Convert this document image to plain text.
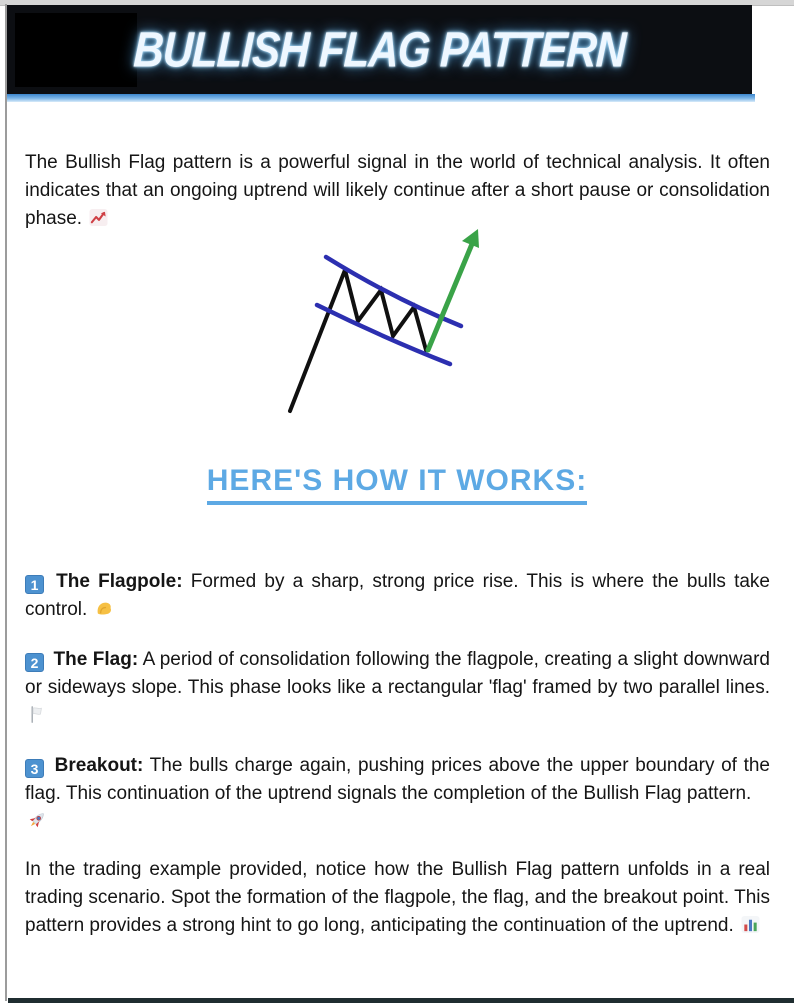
BULLISH FLAG PATTERN

The Bullish Flag pattern is a powerful signal in the world of technical analysis. It often indicates that an ongoing uptrend will likely continue after a short pause or consolidation phase.

HERE'S HOW IT WORKS:

1 The Flagpole: Formed by a sharp, strong price rise. This is where the bulls take control.

2 The Flag: A period of consolidation following the flagpole, creating a slight downward or sideways slope. This phase looks like a rectangular 'flag' framed by two parallel lines.

3 Breakout: The bulls charge again, pushing prices above the upper boundary of the flag. This continuation of the uptrend signals the completion of the Bullish Flag pattern.

In the trading example provided, notice how the Bullish Flag pattern unfolds in a real trading scenario. Spot the formation of the flagpole, the flag, and the breakout point. This pattern provides a strong hint to go long, anticipating the continuation of the uptrend.
